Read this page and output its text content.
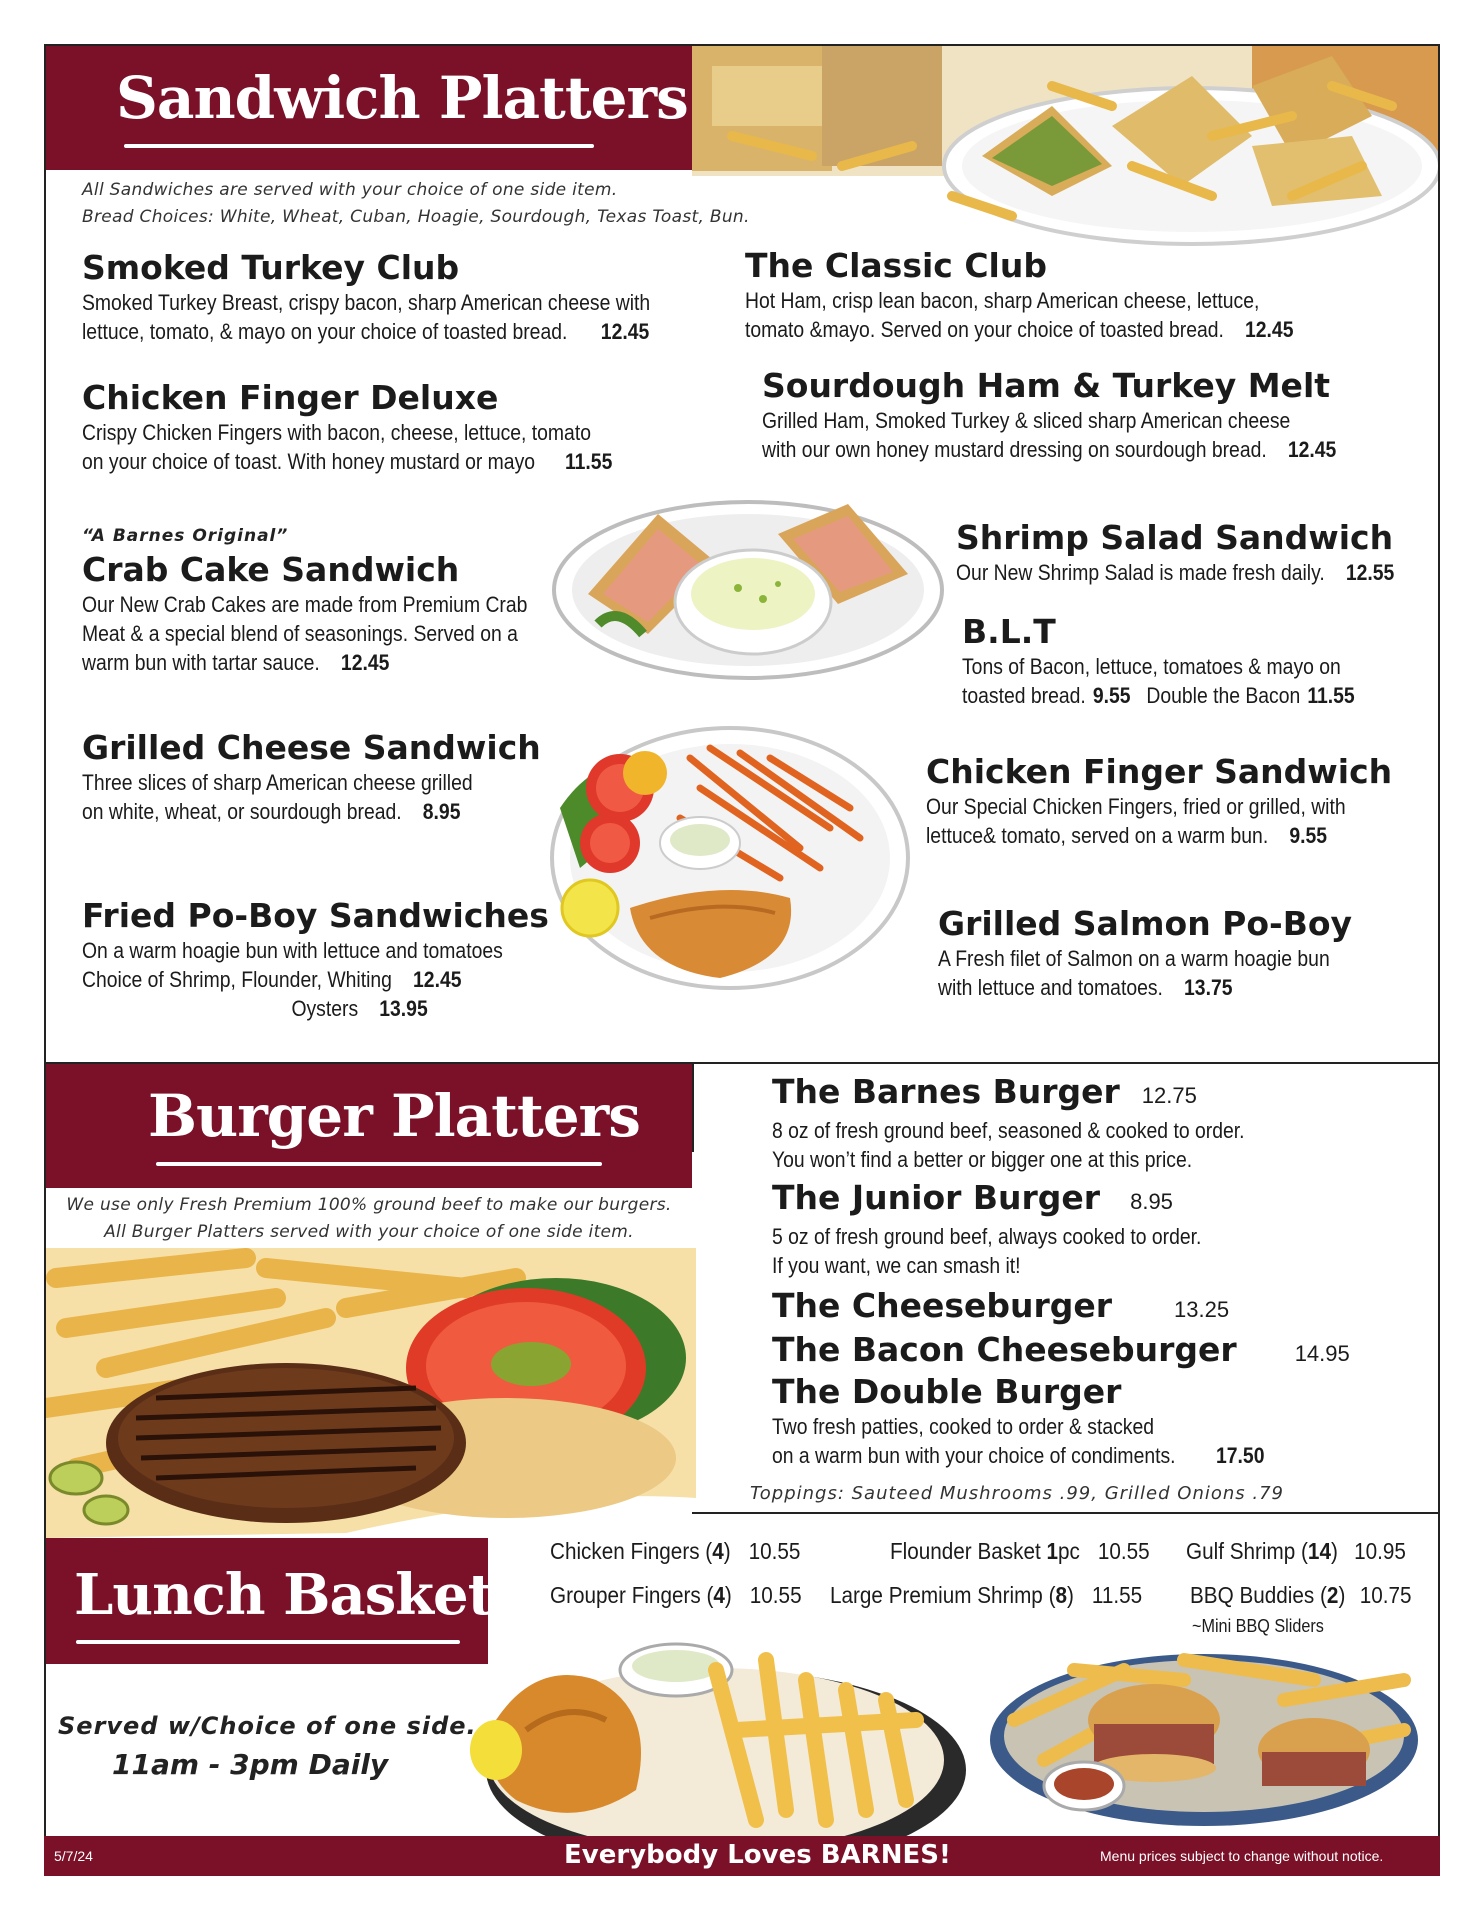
Sandwich Platters
All Sandwiches are served with your choice of one side item.
Bread Choices: White, Wheat, Cuban, Hoagie, Sourdough, Texas Toast, Bun.
Smoked Turkey Club
Smoked Turkey Breast, crispy bacon, sharp American cheese with
lettuce, tomato, & mayo on your choice of toasted bread. 12.45
Chicken Finger Deluxe
Crispy Chicken Fingers with bacon, cheese, lettuce, tomato
on your choice of toast. With honey mustard or mayo 11.55
“A Barnes Original”
Crab Cake Sandwich
Our New Crab Cakes are made from Premium Crab
Meat & a special blend of seasonings. Served on a
warm bun with tartar sauce. 12.45
Grilled Cheese Sandwich
Three slices of sharp American cheese grilled
on white, wheat, or sourdough bread. 8.95
Fried Po-Boy Sandwiches
On a warm hoagie bun with lettuce and tomatoes
Choice of Shrimp, Flounder, Whiting 12.45
Oysters 13.95
The Classic Club
Hot Ham, crisp lean bacon, sharp American cheese, lettuce,
tomato &mayo. Served on your choice of toasted bread. 12.45
Sourdough Ham & Turkey Melt
Grilled Ham, Smoked Turkey & sliced sharp American cheese
with our own honey mustard dressing on sourdough bread. 12.45
Shrimp Salad Sandwich
Our New Shrimp Salad is made fresh daily. 12.55
B.L.T
Tons of Bacon, lettuce, tomatoes & mayo on
toasted bread. 9.55 Double the Bacon 11.55
Chicken Finger Sandwich
Our Special Chicken Fingers, fried or grilled, with
lettuce& tomato, served on a warm bun. 9.55
Grilled Salmon Po-Boy
A Fresh filet of Salmon on a warm hoagie bun
with lettuce and tomatoes. 13.75
Burger Platters
We use only Fresh Premium 100% ground beef to make our burgers.
All Burger Platters served with your choice of one side item.
The Barnes Burger 12.75
8 oz of fresh ground beef, seasoned & cooked to order.
You won’t find a better or bigger one at this price.
The Junior Burger 8.95
5 oz of fresh ground beef, always cooked to order.
If you want, we can smash it!
The Cheeseburger	13.25
The Bacon Cheeseburger	14.95
The Double Burger
Two fresh patties, cooked to order & stacked
on a warm bun with your choice of condiments. 17.50
Toppings: Sauteed Mushrooms .99, Grilled Onions .79
Lunch Baskets
Served w/Choice of one side.
11am - 3pm Daily
Chicken Fingers (4) 10.55	Flounder Basket 1pc 10.55 Gulf Shrimp (14) 10.95
Grouper Fingers (4) 10.55 Large Premium Shrimp (8) 11.55 BBQ Buddies (2) 10.75
~Mini BBQ Sliders
5/7/24	Everybody Loves BARNES!	Menu prices subject to change without notice.
